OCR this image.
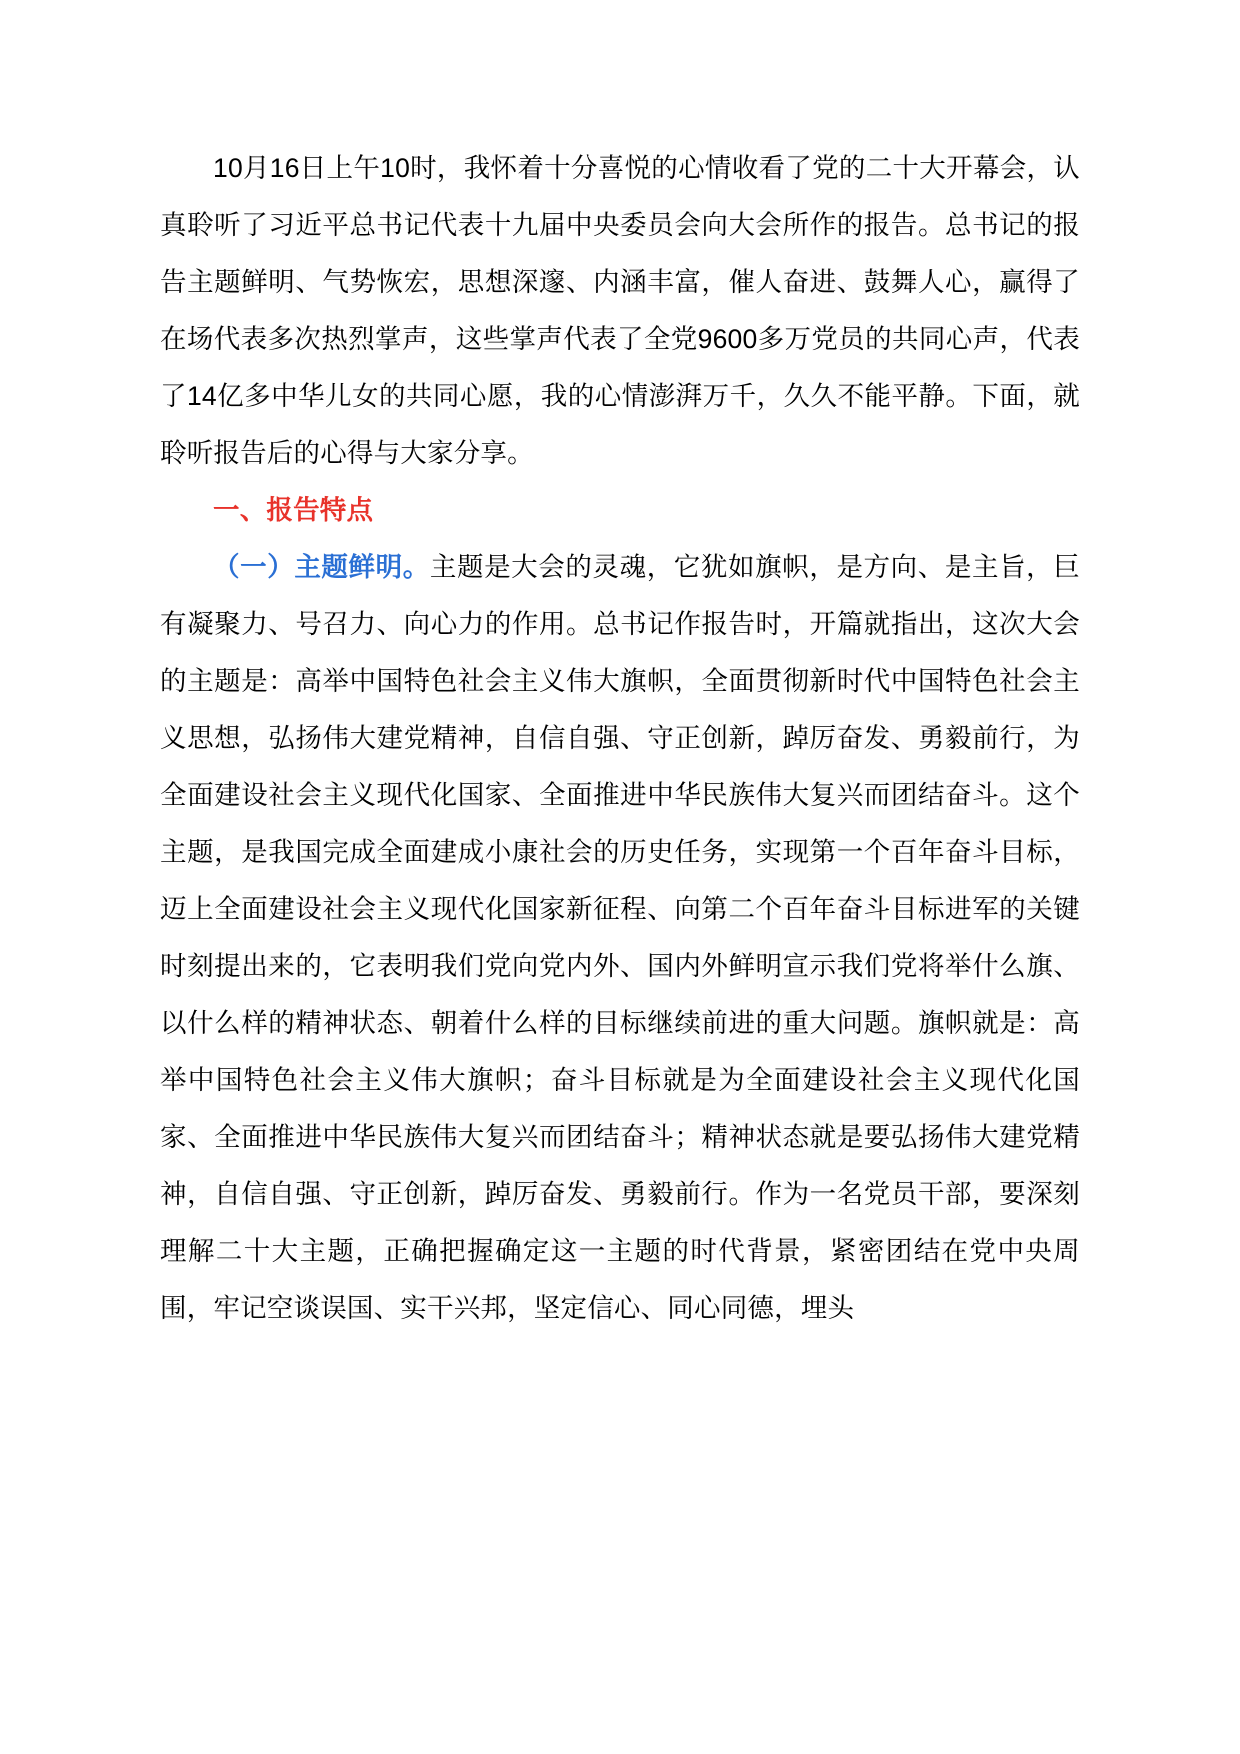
10月16日上午10时，我怀着十分喜悦的心情收看了党的二十大开幕会，认真聆听了习近平总书记代表十九届中央委员会向大会所作的报告。总书记的报告主题鲜明、气势恢宏，思想深邃、内涵丰富，催人奋进、鼓舞人心，赢得了在场代表多次热烈掌声，这些掌声代表了全党9600多万党员的共同心声，代表了14亿多中华儿女的共同心愿，我的心情澎湃万千，久久不能平静。下面，就聆听报告后的心得与大家分享。

一、报告特点

（一）主题鲜明。主题是大会的灵魂，它犹如旗帜，是方向、是主旨，巨有凝聚力、号召力、向心力的作用。总书记作报告时，开篇就指出，这次大会的主题是：高举中国特色社会主义伟大旗帜，全面贯彻新时代中国特色社会主义思想，弘扬伟大建党精神，自信自强、守正创新，踔厉奋发、勇毅前行，为全面建设社会主义现代化国家、全面推进中华民族伟大复兴而团结奋斗。这个主题，是我国完成全面建成小康社会的历史任务，实现第一个百年奋斗目标，迈上全面建设社会主义现代化国家新征程、向第二个百年奋斗目标进军的关键时刻提出来的，它表明我们党向党内外、国内外鲜明宣示我们党将举什么旗、以什么样的精神状态、朝着什么样的目标继续前进的重大问题。旗帜就是：高举中国特色社会主义伟大旗帜；奋斗目标就是为全面建设社会主义现代化国家、全面推进中华民族伟大复兴而团结奋斗；精神状态就是要弘扬伟大建党精神，自信自强、守正创新，踔厉奋发、勇毅前行。作为一名党员干部，要深刻理解二十大主题，正确把握确定这一主题的时代背景，紧密团结在党中央周围，牢记空谈误国、实干兴邦，坚定信心、同心同德，埋头
